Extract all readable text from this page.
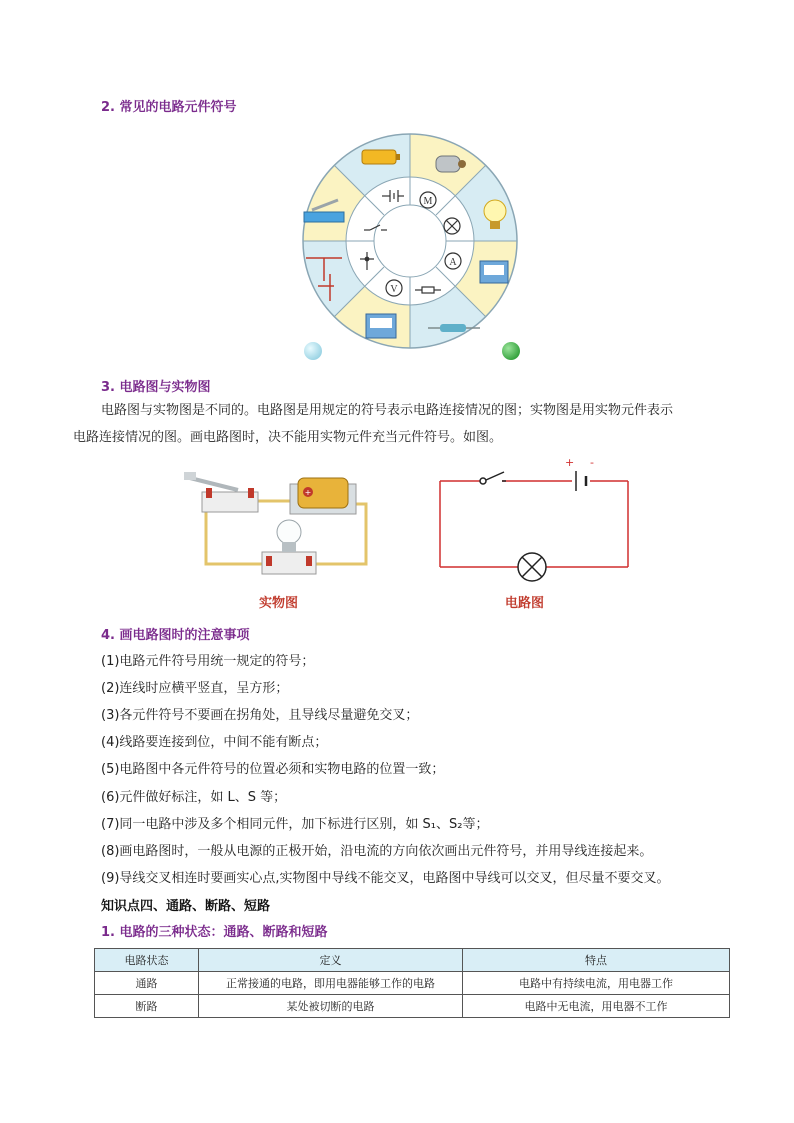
2. 常见的电路元件符号
M
A
V
3. 电路图与实物图
电路图与实物图是不同的。电路图是用规定的符号表示电路连接情况的图；实物图是用实物元件表示
电路连接情况的图。画电路图时，决不能用实物元件充当元件符号。如图。
+
实物图
+ -
电路图
4. 画电路图时的注意事项
(1)电路元件符号用统一规定的符号；
(2)连线时应横平竖直，呈方形；
(3)各元件符号不要画在拐角处，且导线尽量避免交叉；
(4)线路要连接到位，中间不能有断点；
(5)电路图中各元件符号的位置必须和实物电路的位置一致；
(6)元件做好标注，如 L、S 等；
(7)同一电路中涉及多个相同元件，加下标进行区别，如 S₁、S₂等；
(8)画电路图时，一般从电源的正极开始，沿电流的方向依次画出元件符号，并用导线连接起来。
(9)导线交叉相连时要画实心点,实物图中导线不能交叉，电路图中导线可以交叉，但尽量不要交叉。
知识点四、通路、断路、短路
1. 电路的三种状态：通路、断路和短路
电路状态	定义	特点
通路	正常接通的电路，即用电器能够工作的电路	电路中有持续电流，用电器工作
断路	某处被切断的电路	电路中无电流，用电器不工作
